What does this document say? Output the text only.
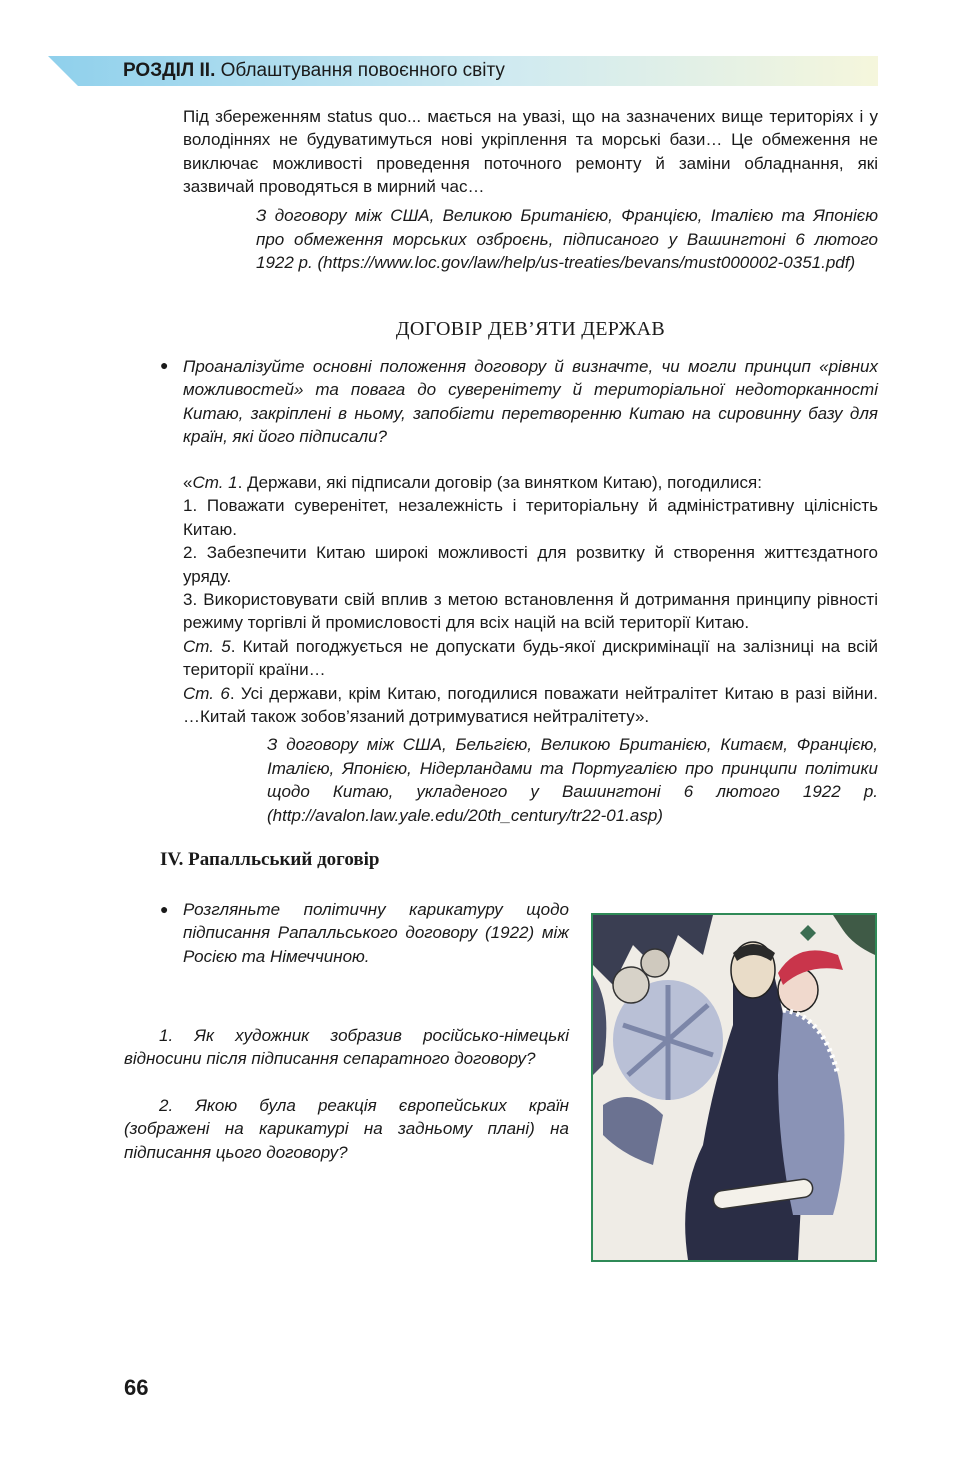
РОЗДІЛ ІІ. Облаштування повоєнного світу

Під збереженням status quo... мається на увазі, що на зазначених вище територіях і у володіннях не будуватимуться нові укріплення та морські бази… Це обмеження не виключає можливості проведення поточного ремонту й заміни обладнання, які зазвичай проводяться в мирний час…

З договору між США, Великою Британією, Францією, Італією та Японією про обмеження морських озброєнь, підписаного у Вашингтоні 6 лютого 1922 р. (https://www.loc.gov/law/help/us-treaties/bevans/must000002-0351.pdf)

ДОГОВІР ДЕВ’ЯТИ ДЕРЖАВ
● Проаналізуйте основні положення договору й визначте, чи могли принцип «рівних можливостей» та повага до суверенітету й територіальної недоторканності Китаю, закріплені в ньому, запобігти перетворенню Китаю на сировинну базу для країн, які його підписали?

«Ст. 1. Держави, які підписали договір (за винятком Китаю), погодилися:

1. Поважати суверенітет, незалежність і територіальну й адміністративну цілісність Китаю.

2. Забезпечити Китаю широкі можливості для розвитку й створення життєздатного уряду.

3. Використовувати свій вплив з метою встановлення й дотримання принципу рівності режиму торгівлі й промисловості для всіх націй на всій території Китаю.

Ст. 5. Китай погоджується не допускати будь-якої дискримінації на залізниці на всій території країни…

Ст. 6. Усі держави, крім Китаю, погодилися поважати нейтралітет Китаю в разі війни. …Китай також зобов’язаний дотримуватися нейтралітету».

З договору між США, Бельгією, Великою Британією, Китаєм, Францією, Італією, Японією, Нідерландами та Португалією про принципи політики щодо Китаю, укладеного у Вашингтоні 6 лютого 1922 р. (http://avalon.law.yale.edu/20th_century/tr22-01.asp)

IV. Рапалльський договір
● Розгляньте політичну карикатуру щодо підписання Рапалльського договору (1922) між Росією та Німеччиною.

1. Як художник зобразив російсько-німецькі відносини після підписання сепаратного договору?

2. Якою була реакція європейських країн (зображені на карикатурі на задньому плані) на підписання цього договору?

66
